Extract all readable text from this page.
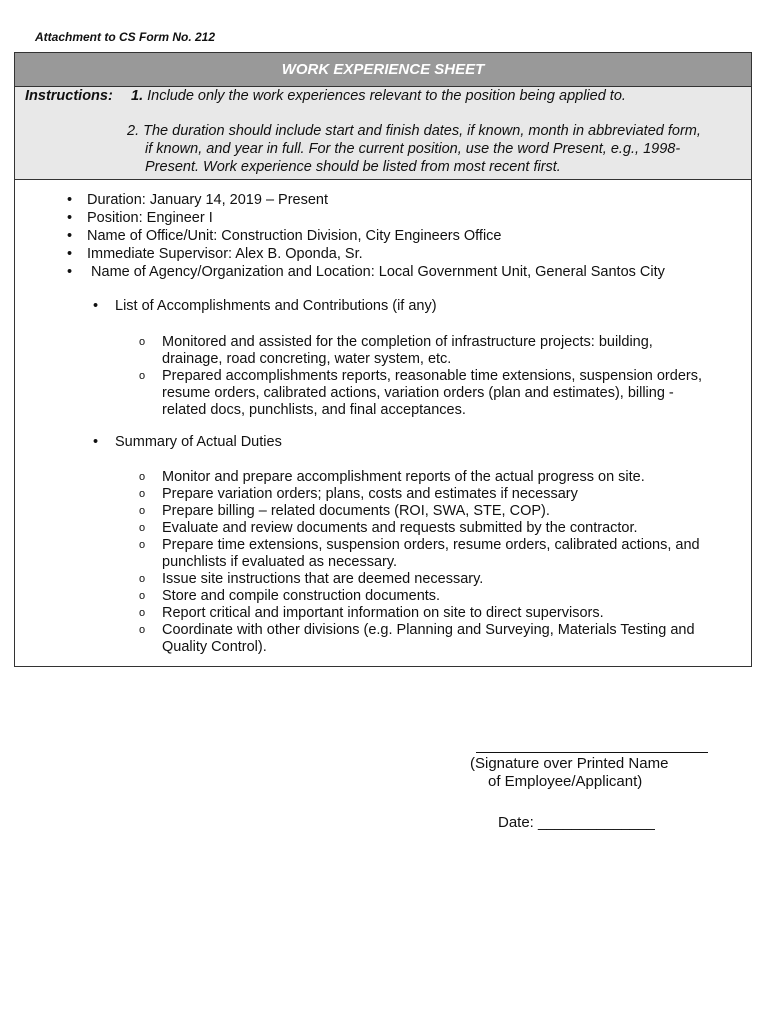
Attachment to CS Form No. 212
WORK EXPERIENCE SHEET
Instructions: 1. Include only the work experiences relevant to the position being applied to.
2. The duration should include start and finish dates, if known, month in abbreviated form,
if known, and year in full. For the current position, use the word Present, e.g., 1998-
Present. Work experience should be listed from most recent first.
• Duration: January 14, 2019 – Present
• Position: Engineer I
• Name of Office/Unit: Construction Division, City Engineers Office
• Immediate Supervisor: Alex B. Oponda, Sr.
• Name of Agency/Organization and Location: Local Government Unit, General Santos City
• List of Accomplishments and Contributions (if any)
o Monitored and assisted for the completion of infrastructure projects: building,
drainage, road concreting, water system, etc.
o Prepared accomplishments reports, reasonable time extensions, suspension orders,
resume orders, calibrated actions, variation orders (plan and estimates), billing -
related docs, punchlists, and final acceptances.
• Summary of Actual Duties
o Monitor and prepare accomplishment reports of the actual progress on site.
o Prepare variation orders; plans, costs and estimates if necessary
o Prepare billing – related documents (ROI, SWA, STE, COP).
o Evaluate and review documents and requests submitted by the contractor.
o Prepare time extensions, suspension orders, resume orders, calibrated actions, and
punchlists if evaluated as necessary.
o Issue site instructions that are deemed necessary.
o Store and compile construction documents.
o Report critical and important information on site to direct supervisors.
o Coordinate with other divisions (e.g. Planning and Surveying, Materials Testing and
Quality Control).
(Signature over Printed Name
of Employee/Applicant)
Date: ______________
